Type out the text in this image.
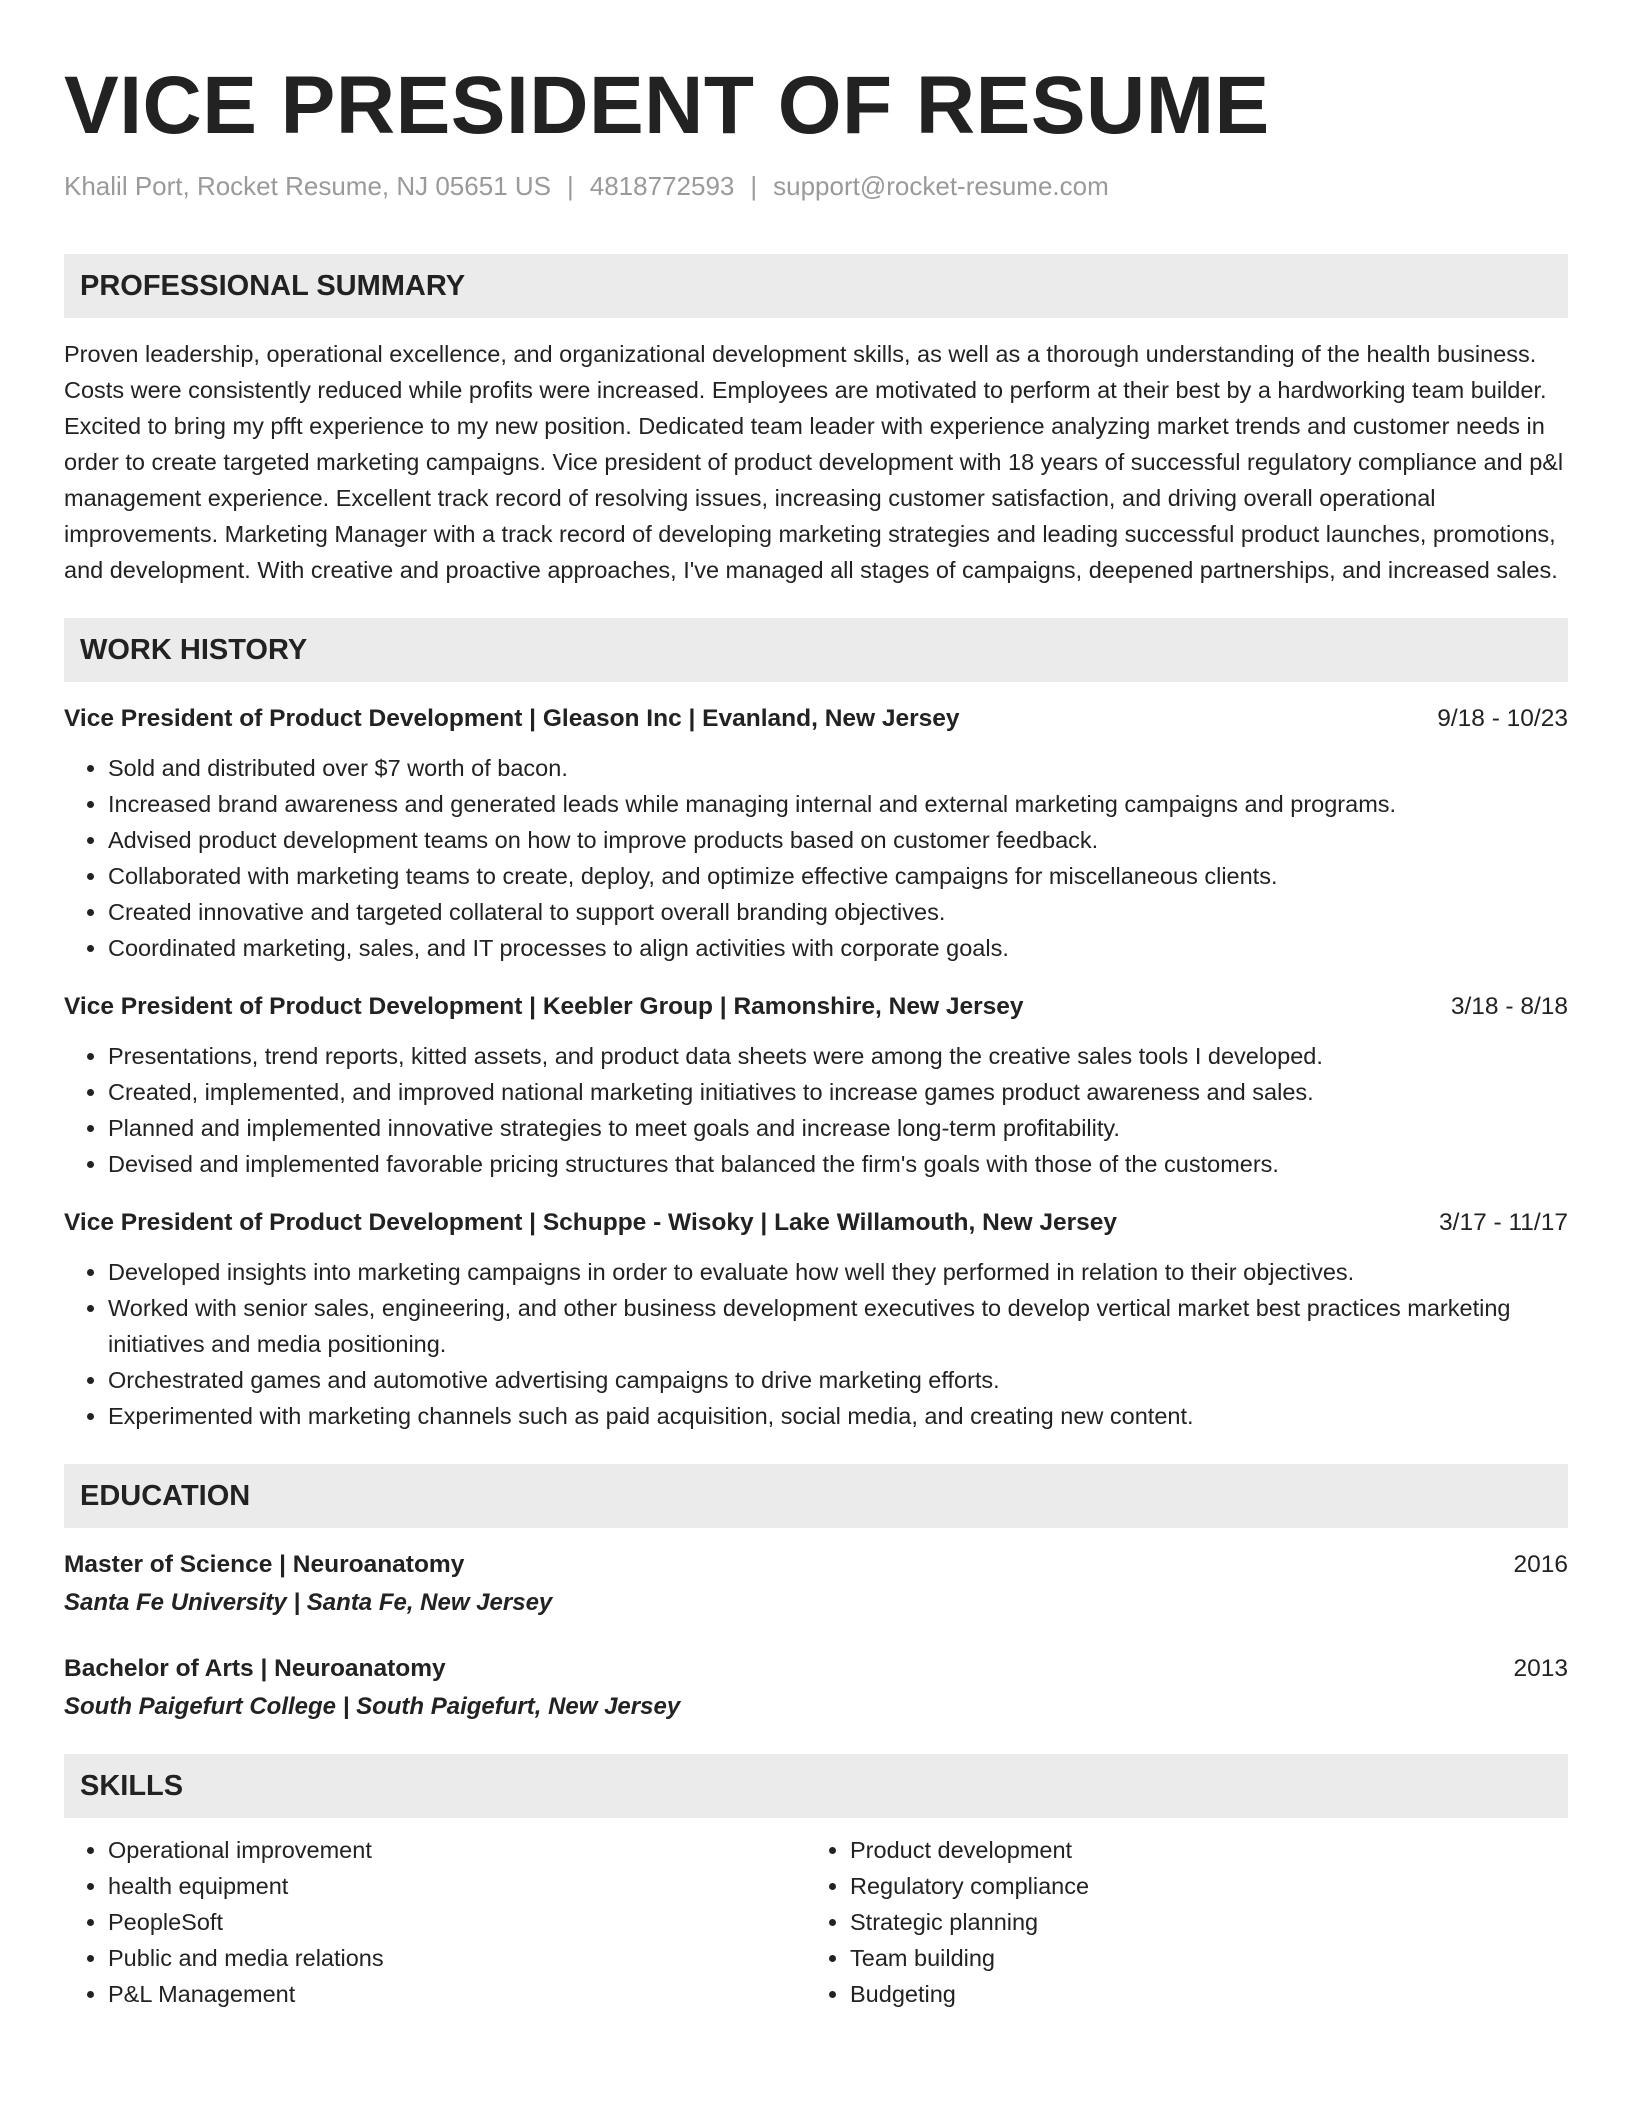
VICE PRESIDENT OF RESUME
Khalil Port, Rocket Resume, NJ 05651 US | 4818772593 | support@rocket-resume.com
PROFESSIONAL SUMMARY

Proven leadership, operational excellence, and organizational development skills, as well as a thorough understanding of the health business. Costs were consistently reduced while profits were increased. Employees are motivated to perform at their best by a hardworking team builder. Excited to bring my pfft experience to my new position. Dedicated team leader with experience analyzing market trends and customer needs in order to create targeted marketing campaigns. Vice president of product development with 18 years of successful regulatory compliance and p&l management experience. Excellent track record of resolving issues, increasing customer satisfaction, and driving overall operational improvements. Marketing Manager with a track record of developing marketing strategies and leading successful product launches, promotions, and development. With creative and proactive approaches, I've managed all stages of campaigns, deepened partnerships, and increased sales.

WORK HISTORY
Vice President of Product Development | Gleason Inc | Evanland, New Jersey	9/18 - 10/23
• Sold and distributed over $7 worth of bacon.
• Increased brand awareness and generated leads while managing internal and external marketing campaigns and programs.
• Advised product development teams on how to improve products based on customer feedback.
• Collaborated with marketing teams to create, deploy, and optimize effective campaigns for miscellaneous clients.
• Created innovative and targeted collateral to support overall branding objectives.
• Coordinated marketing, sales, and IT processes to align activities with corporate goals.
Vice President of Product Development | Keebler Group | Ramonshire, New Jersey	3/18 - 8/18
• Presentations, trend reports, kitted assets, and product data sheets were among the creative sales tools I developed.
• Created, implemented, and improved national marketing initiatives to increase games product awareness and sales.
• Planned and implemented innovative strategies to meet goals and increase long-term profitability.
• Devised and implemented favorable pricing structures that balanced the firm's goals with those of the customers.
Vice President of Product Development | Schuppe - Wisoky | Lake Willamouth, New Jersey	3/17 - 11/17
• Developed insights into marketing campaigns in order to evaluate how well they performed in relation to their objectives.
• Worked with senior sales, engineering, and other business development executives to develop vertical market best practices marketing initiatives and media positioning.
• Orchestrated games and automotive advertising campaigns to drive marketing efforts.
• Experimented with marketing channels such as paid acquisition, social media, and creating new content.
EDUCATION
Master of Science | Neuroanatomy	2016
Santa Fe University | Santa Fe, New Jersey
Bachelor of Arts | Neuroanatomy	2013
South Paigefurt College | South Paigefurt, New Jersey
SKILLS
• Operational improvement
• health equipment
• PeopleSoft
• Public and media relations
• P&L Management
• Product development
• Regulatory compliance
• Strategic planning
• Team building
• Budgeting
